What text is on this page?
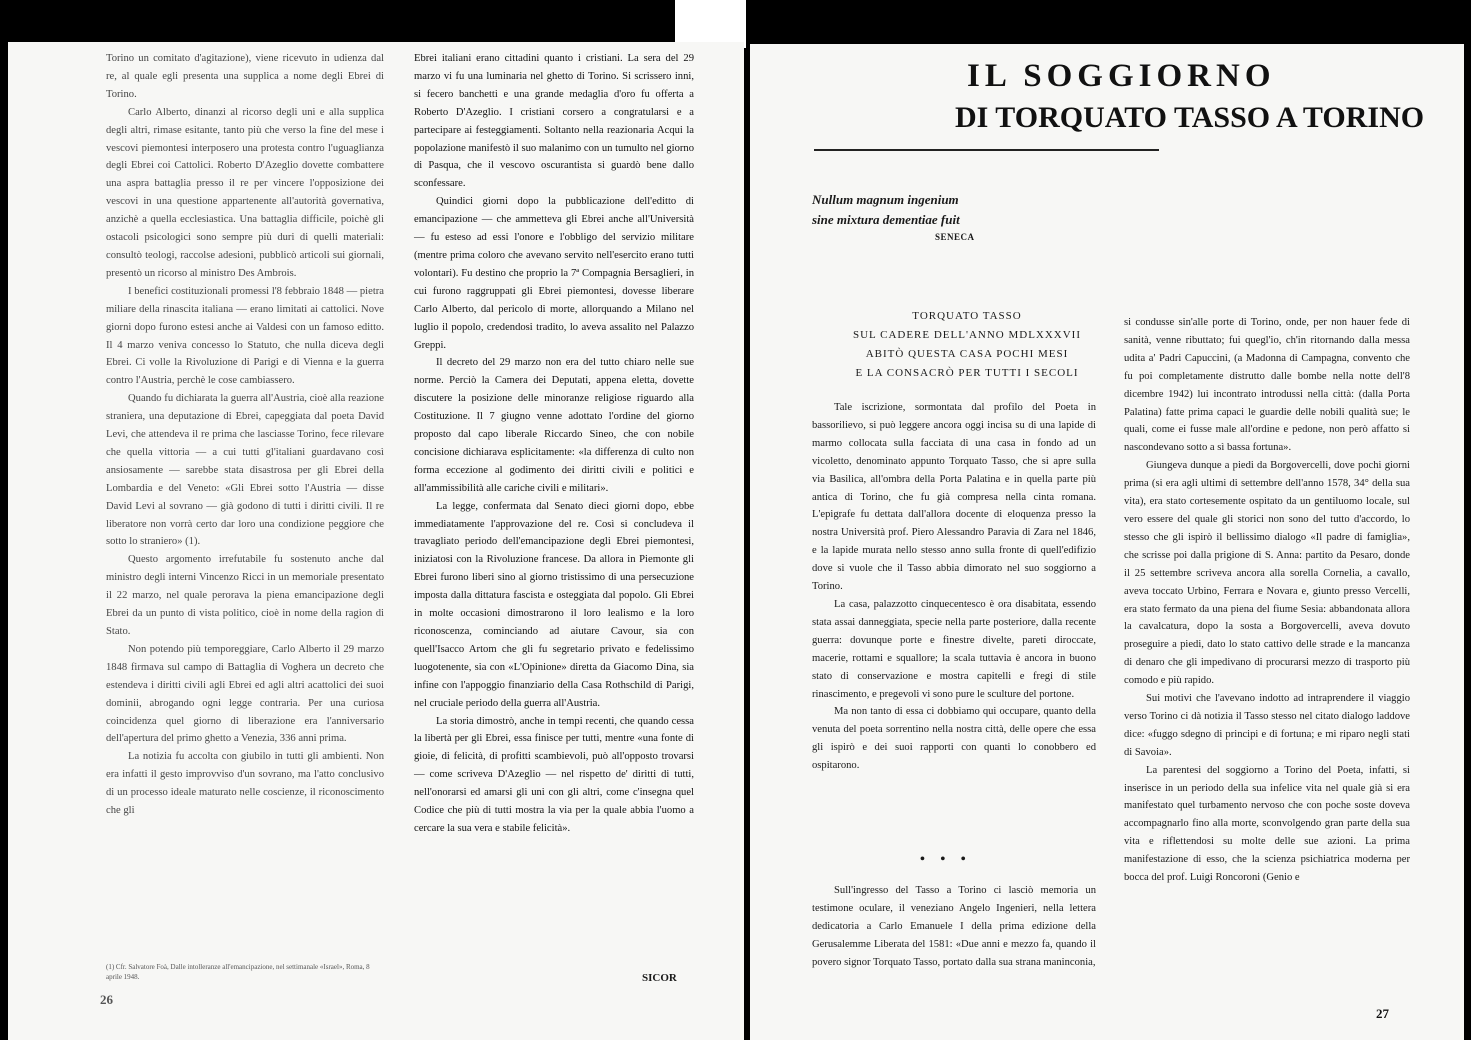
Torino un comitato d'agitazione), viene ricevuto in udienza dal re, al quale egli presenta una supplica a nome degli Ebrei di Torino.

Carlo Alberto, dinanzi al ricorso degli uni e alla supplica degli altri, rimase esitante, tanto più che verso la fine del mese i vescovi piemontesi interposero una protesta contro l'uguaglianza degli Ebrei coi Cattolici. Roberto D'Azeglio dovette combattere una aspra battaglia presso il re per vincere l'opposizione dei vescovi in una questione appartenente all'autorità governativa, anzichè a quella ecclesiastica. Una battaglia difficile, poichè gli ostacoli psicologici sono sempre più duri di quelli materiali: consultò teologi, raccolse adesioni, pubblicò articoli sui giornali, presentò un ricorso al ministro Des Ambrois.

I benefici costituzionali promessi l'8 febbraio 1848 — pietra miliare della rinascita italiana — erano limitati ai cattolici. Nove giorni dopo furono estesi anche ai Valdesi con un famoso editto. Il 4 marzo veniva concesso lo Statuto, che nulla diceva degli Ebrei. Ci volle la Rivoluzione di Parigi e di Vienna e la guerra contro l'Austria, perchè le cose cambiassero.

Quando fu dichiarata la guerra all'Austria, cioè alla reazione straniera, una deputazione di Ebrei, capeggiata dal poeta David Levi, che attendeva il re prima che lasciasse Torino, fece rilevare che quella vittoria — a cui tutti gl'italiani guardavano così ansiosamente — sarebbe stata disastrosa per gli Ebrei della Lombardia e del Veneto: «Gli Ebrei sotto l'Austria — disse David Levi al sovrano — già godono di tutti i diritti civili. Il re liberatore non vorrà certo dar loro una condizione peggiore che sotto lo straniero» (1).

Questo argomento irrefutabile fu sostenuto anche dal ministro degli interni Vincenzo Ricci in un memoriale presentato il 22 marzo, nel quale perorava la piena emancipazione degli Ebrei da un punto di vista politico, cioè in nome della ragion di Stato.

Non potendo più temporeggiare, Carlo Alberto il 29 marzo 1848 firmava sul campo di Battaglia di Voghera un decreto che estendeva i diritti civili agli Ebrei ed agli altri acattolici dei suoi dominii, abrogando ogni legge contraria. Per una curiosa coincidenza quel giorno di liberazione era l'anniversario dell'apertura del primo ghetto a Venezia, 336 anni prima.

La notizia fu accolta con giubilo in tutti gli ambienti. Non era infatti il gesto improvviso d'un sovrano, ma l'atto conclusivo di un processo ideale maturato nelle coscienze, il riconoscimento che gli

(1) Cfr. Salvatore Foà, Dalle intolleranze all'emancipazione, nel settimanale «Israel», Roma, 8 aprile 1948.
26

Ebrei italiani erano cittadini quanto i cristiani. La sera del 29 marzo vi fu una luminaria nel ghetto di Torino. Si scrissero inni, si fecero banchetti e una grande medaglia d'oro fu offerta a Roberto D'Azeglio. I cristiani corsero a congratularsi e a partecipare ai festeggiamenti. Soltanto nella reazionaria Acqui la popolazione manifestò il suo malanimo con un tumulto nel giorno di Pasqua, che il vescovo oscurantista si guardò bene dallo sconfessare.

Quindici giorni dopo la pubblicazione dell'editto di emancipazione — che ammetteva gli Ebrei anche all'Università — fu esteso ad essi l'onore e l'obbligo del servizio militare (mentre prima coloro che avevano servito nell'esercito erano tutti volontari). Fu destino che proprio la 7ª Compagnia Bersaglieri, in cui furono raggruppati gli Ebrei piemontesi, dovesse liberare Carlo Alberto, dal pericolo di morte, allorquando a Milano nel luglio il popolo, credendosi tradito, lo aveva assalito nel Palazzo Greppi.

Il decreto del 29 marzo non era del tutto chiaro nelle sue norme. Perciò la Camera dei Deputati, appena eletta, dovette discutere la posizione delle minoranze religiose riguardo alla Costituzione. Il 7 giugno venne adottato l'ordine del giorno proposto dal capo liberale Riccardo Sineo, che con nobile concisione dichiarava esplicitamente: «la differenza di culto non forma eccezione al godimento dei diritti civili e politici e all'ammissibilità alle cariche civili e militari».

La legge, confermata dal Senato dieci giorni dopo, ebbe immediatamente l'approvazione del re. Così si concludeva il travagliato periodo dell'emancipazione degli Ebrei piemontesi, iniziatosi con la Rivoluzione francese. Da allora in Piemonte gli Ebrei furono liberi sino al giorno tristissimo di una persecuzione imposta dalla dittatura fascista e osteggiata dal popolo. Gli Ebrei in molte occasioni dimostrarono il loro lealismo e la loro riconoscenza, cominciando ad aiutare Cavour, sia con quell'Isacco Artom che gli fu segretario privato e fedelissimo luogotenente, sia con «L'Opinione» diretta da Giacomo Dina, sia infine con l'appoggio finanziario della Casa Rothschild di Parigi, nel cruciale periodo della guerra all'Austria.

La storia dimostrò, anche in tempi recenti, che quando cessa la libertà per gli Ebrei, essa finisce per tutti, mentre «una fonte di gioie, di felicità, di profitti scambievoli, può all'opposto trovarsi — come scriveva D'Azeglio — nel rispetto de' diritti di tutti, nell'onorarsi ed amarsi gli uni con gli altri, come c'insegna quel Codice che più di tutti mostra la via per la quale abbia l'uomo a cercare la sua vera e stabile felicità».

SICOR
IL SOGGIORNO
DI TORQUATO TASSO A TORINO
Nullum magnum ingenium
sine mixtura dementiae fuit
SENECA
TORQUATO TASSO
SUL CADERE DELL'ANNO MDLXXXVII
ABITÒ QUESTA CASA POCHI MESI
E LA CONSACRÒ PER TUTTI I SECOLI

Tale iscrizione, sormontata dal profilo del Poeta in bassorilievo, si può leggere ancora oggi incisa su di una lapide di marmo collocata sulla facciata di una casa in fondo ad un vicoletto, denominato appunto Torquato Tasso, che si apre sulla via Basilica, all'ombra della Porta Palatina e in quella parte più antica di Torino, che fu già compresa nella cinta romana. L'epigrafe fu dettata dall'allora docente di eloquenza presso la nostra Università prof. Piero Alessandro Paravia di Zara nel 1846, e la lapide murata nello stesso anno sulla fronte di quell'edifizio dove si vuole che il Tasso abbia dimorato nel suo soggiorno a Torino.

La casa, palazzotto cinquecentesco è ora disabitata, essendo stata assai danneggiata, specie nella parte posteriore, dalla recente guerra: dovunque porte e finestre divelte, pareti diroccate, macerie, rottami e squallore; la scala tuttavia è ancora in buono stato di conservazione e mostra capitelli e fregi di stile rinascimento, e pregevoli vi sono pure le sculture del portone.

Ma non tanto di essa ci dobbiamo qui occupare, quanto della venuta del poeta sorrentino nella nostra città, delle opere che essa gli ispirò e dei suoi rapporti con quanti lo conobbero ed ospitarono.

• • •

Sull'ingresso del Tasso a Torino ci lasciò memoria un testimone oculare, il veneziano Angelo Ingenieri, nella lettera dedicatoria a Carlo Emanuele I della prima edizione della Gerusalemme Liberata del 1581: «Due anni e mezzo fa, quando il povero signor Torquato Tasso, portato dalla sua strana maninconia,

si condusse sin'alle porte di Torino, onde, per non hauer fede di sanità, venne ributtato; fui quegl'io, ch'in ritornando dalla messa udita a' Padri Capuccini, (a Madonna di Campagna, convento che fu poi completamente distrutto dalle bombe nella notte dell'8 dicembre 1942) lui incontrato introdussi nella città: (dalla Porta Palatina) fatte prima capaci le guardie delle nobili qualità sue; le quali, come ei fusse male all'ordine e pedone, non però affatto si nascondevano sotto a sì bassa fortuna».

Giungeva dunque a piedi da Borgovercelli, dove pochi giorni prima (si era agli ultimi di settembre dell'anno 1578, 34° della sua vita), era stato cortesemente ospitato da un gentiluomo locale, sul vero essere del quale gli storici non sono del tutto d'accordo, lo stesso che gli ispirò il bellissimo dialogo «Il padre di famiglia», che scrisse poi dalla prigione di S. Anna: partito da Pesaro, donde il 25 settembre scriveva ancora alla sorella Cornelia, a cavallo, aveva toccato Urbino, Ferrara e Novara e, giunto presso Vercelli, era stato fermato da una piena del fiume Sesia: abbandonata allora la cavalcatura, dopo la sosta a Borgovercelli, aveva dovuto proseguire a piedi, dato lo stato cattivo delle strade e la mancanza di denaro che gli impedivano di procurarsi mezzo di trasporto più comodo e più rapido.

Sui motivi che l'avevano indotto ad intraprendere il viaggio verso Torino ci dà notizia il Tasso stesso nel citato dialogo laddove dice: «fuggo sdegno di principi e di fortuna; e mi riparo negli stati di Savoia».

La parentesi del soggiorno a Torino del Poeta, infatti, si inserisce in un periodo della sua infelice vita nel quale già si era manifestato quel turbamento nervoso che con poche soste doveva accompagnarlo fino alla morte, sconvolgendo gran parte della sua vita e riflettendosi su molte delle sue azioni. La prima manifestazione di esso, che la scienza psichiatrica moderna per bocca del prof. Luigi Roncoroni (Genio e

27
